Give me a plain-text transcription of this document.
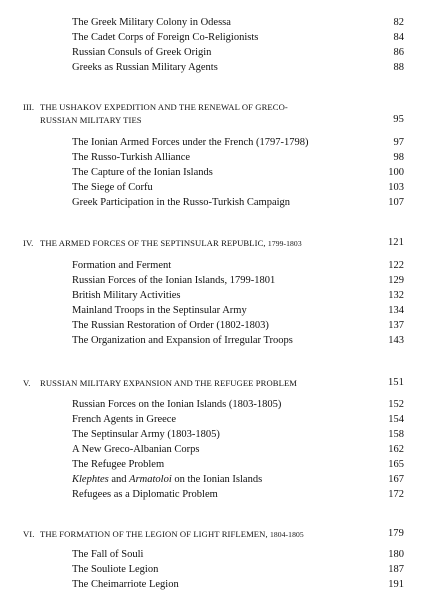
The Greek Military Colony in Odessa	82
The Cadet Corps of Foreign Co-Religionists	84
Russian Consuls of Greek Origin	86
Greeks as Russian Military Agents	88
III. THE USHAKOV EXPEDITION AND THE RENEWAL OF GRECO-
RUSSIAN MILITARY TIES	95
The Ionian Armed Forces under the French (1797-1798)	97
The Russo-Turkish Alliance	98
The Capture of the Ionian Islands	100
The Siege of Corfu	103
Greek Participation in the Russo-Turkish Campaign	107
IV. THE ARMED FORCES OF THE SEPTINSULAR REPUBLIC, 1799-1803	121
Formation and Ferment	122
Russian Forces of the Ionian Islands, 1799-1801	129
British Military Activities	132
Mainland Troops in the Septinsular Army	134
The Russian Restoration of Order (1802-1803)	137
The Organization and Expansion of Irregular Troops	143
V. RUSSIAN MILITARY EXPANSION AND THE REFUGEE PROBLEM	151
Russian Forces on the Ionian Islands (1803-1805)	152
French Agents in Greece	154
The Septinsular Army (1803-1805)	158
A New Greco-Albanian Corps	162
The Refugee Problem	165
Klephtes and Armatoloi on the Ionian Islands	167
Refugees as a Diplomatic Problem	172
VI. THE FORMATION OF THE LEGION OF LIGHT RIFLEMEN, 1804-1805	179
The Fall of Souli	180
The Souliote Legion	187
The Cheimarriote Legion	191
